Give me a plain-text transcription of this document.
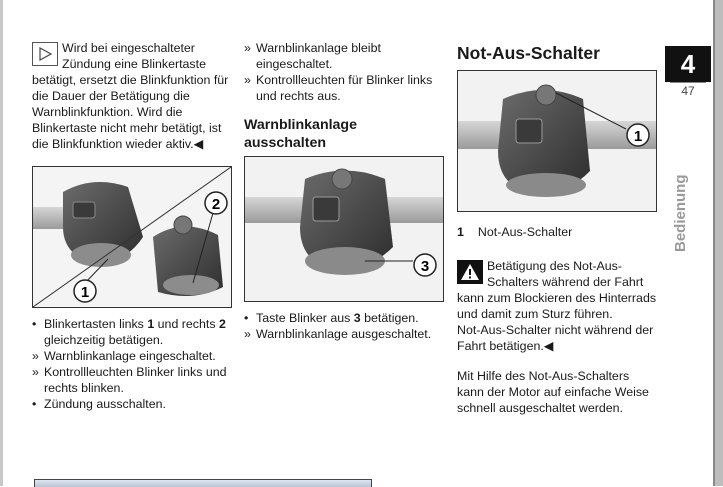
Wird bei eingeschalteter Zündung eine Blinkertaste betätigt, ersetzt die Blinkfunktion für die Dauer der Betätigung die Warnblinkfunktion. Wird die Blinkertaste nicht mehr betätigt, ist die Blinkfunktion wieder aktiv.◀

2
1
• Blinkertasten links 1 und rechts 2 gleichzeitig betätigen.
» Warnblinkanlage eingeschaltet.
» Kontrollleuchten Blinker links und rechts blinken.
• Zündung ausschalten.
» Warnblinkanlage bleibt eingeschaltet.
» Kontrollleuchten für Blinker links und rechts aus.
Warnblinkanlage ausschalten
3
• Taste Blinker aus 3 betätigen.
» Warnblinkanlage ausgeschaltet.
Not-Aus-Schalter
1
1 Not-Aus-Schalter

Betätigung des Not-Aus-Schalters während der Fahrt kann zum Blockieren des Hinterrads und damit zum Sturz führen.

Not-Aus-Schalter nicht während der Fahrt betätigen.◀

Mit Hilfe des Not-Aus-Schalters kann der Motor auf einfache Weise schnell ausgeschaltet werden.

4
47
Bedienung
